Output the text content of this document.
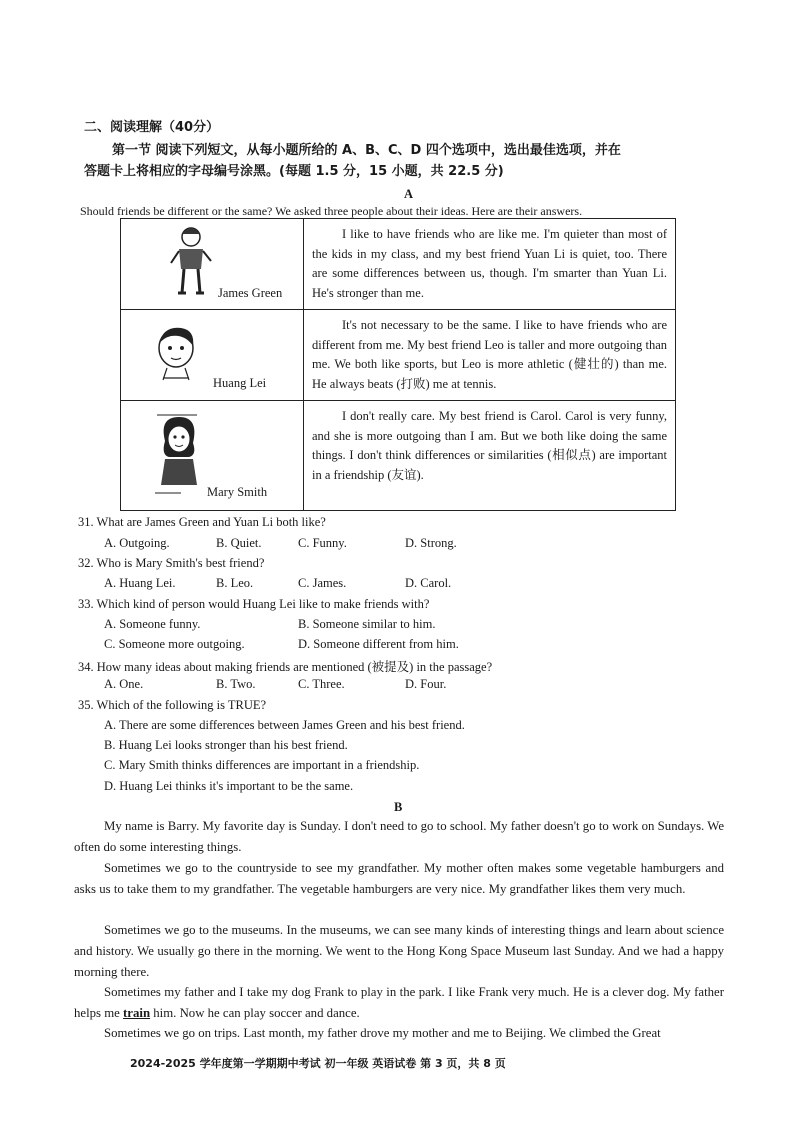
二、阅读理解（40分）
第一节 阅读下列短文，从每小题所给的 A、B、C、D 四个选项中，选出最佳选项，并在
答题卡上将相应的字母编号涂黑。(每题 1.5 分，15 小题，共 22.5 分)
A
Should friends be different or the same? We asked three people about their ideas. Here are their answers.
James Green	I like to have friends who are like me. I'm quieter than most of the kids in my class, and my best friend Yuan Li is quiet, too. There are some differences between us, though. I'm smarter than Yuan Li. He's stronger than me.

Huang Lei	It's not necessary to be the same. I like to have friends who are different from me. My best friend Leo is taller and more outgoing than me. We both like sports, but Leo is more athletic (健壮的) than me. He always beats (打败) me at tennis.

Mary Smith	I don't really care. My best friend is Carol. Carol is very funny, and she is more outgoing than I am. But we both like doing the same things. I don't think differences or similarities (相似点) are important in a friendship (友谊).
31. What are James Green and Yuan Li both like?
A. Outgoing.	B. Quiet.	C. Funny.	D. Strong.
32. Who is Mary Smith's best friend?
A. Huang Lei.	B. Leo.	C. James.	D. Carol.
33. Which kind of person would Huang Lei like to make friends with?
A. Someone funny.	B. Someone similar to him.
C. Someone more outgoing.	D. Someone different from him.
34. How many ideas about making friends are mentioned (被提及) in the passage?
A. One.	B. Two.	C. Three.	D. Four.
35. Which of the following is TRUE?
A. There are some differences between James Green and his best friend.
B. Huang Lei looks stronger than his best friend.
C. Mary Smith thinks differences are important in a friendship.
D. Huang Lei thinks it's important to be the same.
B
My name is Barry. My favorite day is Sunday. I don't need to go to school. My father doesn't go to work on Sundays. We often do some interesting things.
Sometimes we go to the countryside to see my grandfather. My mother often makes some vegetable hamburgers and asks us to take them to my grandfather. The vegetable hamburgers are very nice. My grandfather likes them very much.
Sometimes we go to the museums. In the museums, we can see many kinds of interesting things and learn about science and history. We usually go there in the morning. We went to the Hong Kong Space Museum last Sunday. And we had a happy morning there.
Sometimes my father and I take my dog Frank to play in the park. I like Frank very much. He is a clever dog. My father helps me train him. Now he can play soccer and dance.
Sometimes we go on trips. Last month, my father drove my mother and me to Beijing. We climbed the Great
2024-2025 学年度第一学期期中考试 初一年级 英语试卷 第 3 页，共 8 页
